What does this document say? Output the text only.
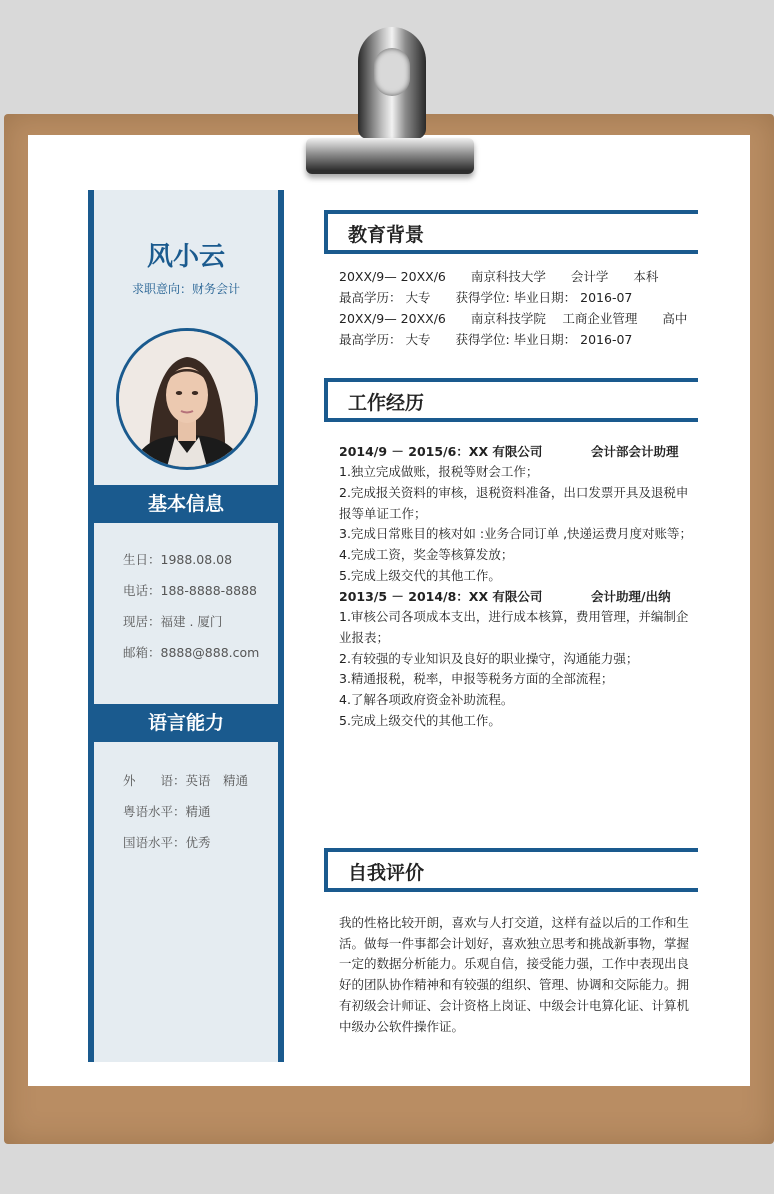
风小云
求职意向：财务会计
基本信息
生日：1988.08.08
电话：188-8888-8888
现居：福建 . 厦门
邮箱：8888@888.com
语言能力
外　　语：英语　精通
粤语水平：精通
国语水平：优秀
教育背景
20XX/9— 20XX/6　　南京科技大学　　会计学　　本科
最高学历： 大专　　获得学位: 毕业日期： 2016-07
20XX/9— 20XX/6　　南京科技学院　 工商企业管理　　高中
最高学历： 大专　　获得学位: 毕业日期： 2016-07
工作经历
2014/9 － 2015/6：XX 有限公司	会计部会计助理
1.独立完成做账，报税等财会工作；
2.完成报关资料的审核，退税资料准备，出口发票开具及退税申
报等单证工作；
3.完成日常账目的核对如 :业务合同订单 ,快递运费月度对账等；
4.完成工资，奖金等核算发放；
5.完成上级交代的其他工作。
2013/5 － 2014/8：XX 有限公司	会计助理/出纳
1.审核公司各项成本支出，进行成本核算，费用管理，并编制企
业报表；
2.有较强的专业知识及良好的职业操守，沟通能力强；
3.精通报税，税率，申报等税务方面的全部流程；
4.了解各项政府资金补助流程。
5.完成上级交代的其他工作。
自我评价
我的性格比较开朗，喜欢与人打交道，这样有益以后的工作和生
活。做每一件事都会计划好，喜欢独立思考和挑战新事物，掌握
一定的数据分析能力。乐观自信，接受能力强，工作中表现出良
好的团队协作精神和有较强的组织、管理、协调和交际能力。拥
有初级会计师证、会计资格上岗证、中级会计电算化证、计算机
中级办公软件操作证。
